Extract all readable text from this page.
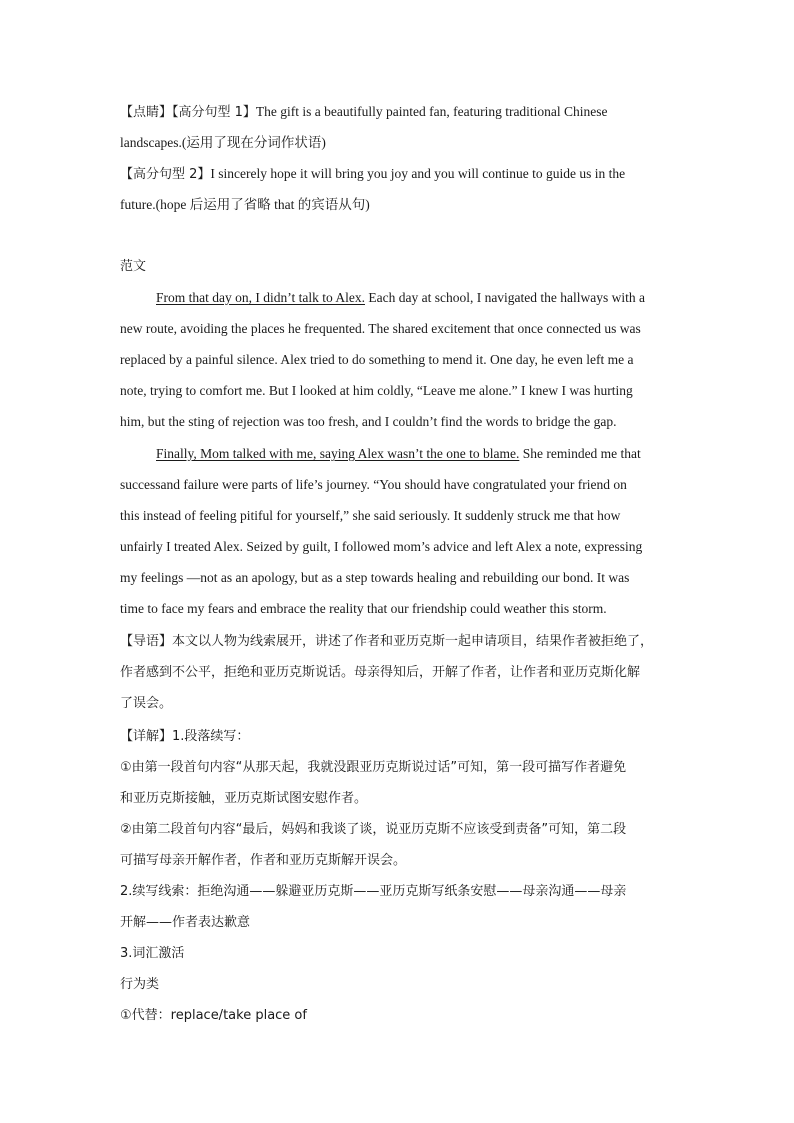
【点睛】【高分句型 1】The gift is a beautifully painted fan, featuring traditional Chinese
landscapes.(运用了现在分词作状语)
【高分句型 2】I sincerely hope it will bring you joy and you will continue to guide us in the
future.(hope 后运用了省略 that 的宾语从句)
范文
From that day on, I didn’t talk to Alex. Each day at school, I navigated the hallways with a
new route, avoiding the places he frequented. The shared excitement that once connected us was
replaced by a painful silence. Alex tried to do something to mend it. One day, he even left me a
note, trying to comfort me. But I looked at him coldly, “Leave me alone.” I knew I was hurting
him, but the sting of rejection was too fresh, and I couldn’t find the words to bridge the gap.
Finally, Mom talked with me, saying Alex wasn’t the one to blame. She reminded me that
successand failure were parts of life’s journey. “You should have congratulated your friend on
this instead of feeling pitiful for yourself,” she said seriously. It suddenly struck me that how
unfairly I treated Alex. Seized by guilt, I followed mom’s advice and left Alex a note, expressing
my feelings —not as an apology, but as a step towards healing and rebuilding our bond. It was
time to face my fears and embrace the reality that our friendship could weather this storm.
【导语】本文以人物为线索展开，讲述了作者和亚历克斯一起申请项目，结果作者被拒绝了，
作者感到不公平，拒绝和亚历克斯说话。母亲得知后，开解了作者，让作者和亚历克斯化解
了误会。
【详解】1.段落续写：
①由第一段首句内容“从那天起，我就没跟亚历克斯说过话”可知，第一段可描写作者避免
和亚历克斯接触，亚历克斯试图安慰作者。
②由第二段首句内容“最后，妈妈和我谈了谈，说亚历克斯不应该受到责备”可知，第二段
可描写母亲开解作者，作者和亚历克斯解开误会。
2.续写线索：拒绝沟通——躲避亚历克斯——亚历克斯写纸条安慰——母亲沟通——母亲
开解——作者表达歉意
3.词汇激活
行为类
①代替：replace/take place of
